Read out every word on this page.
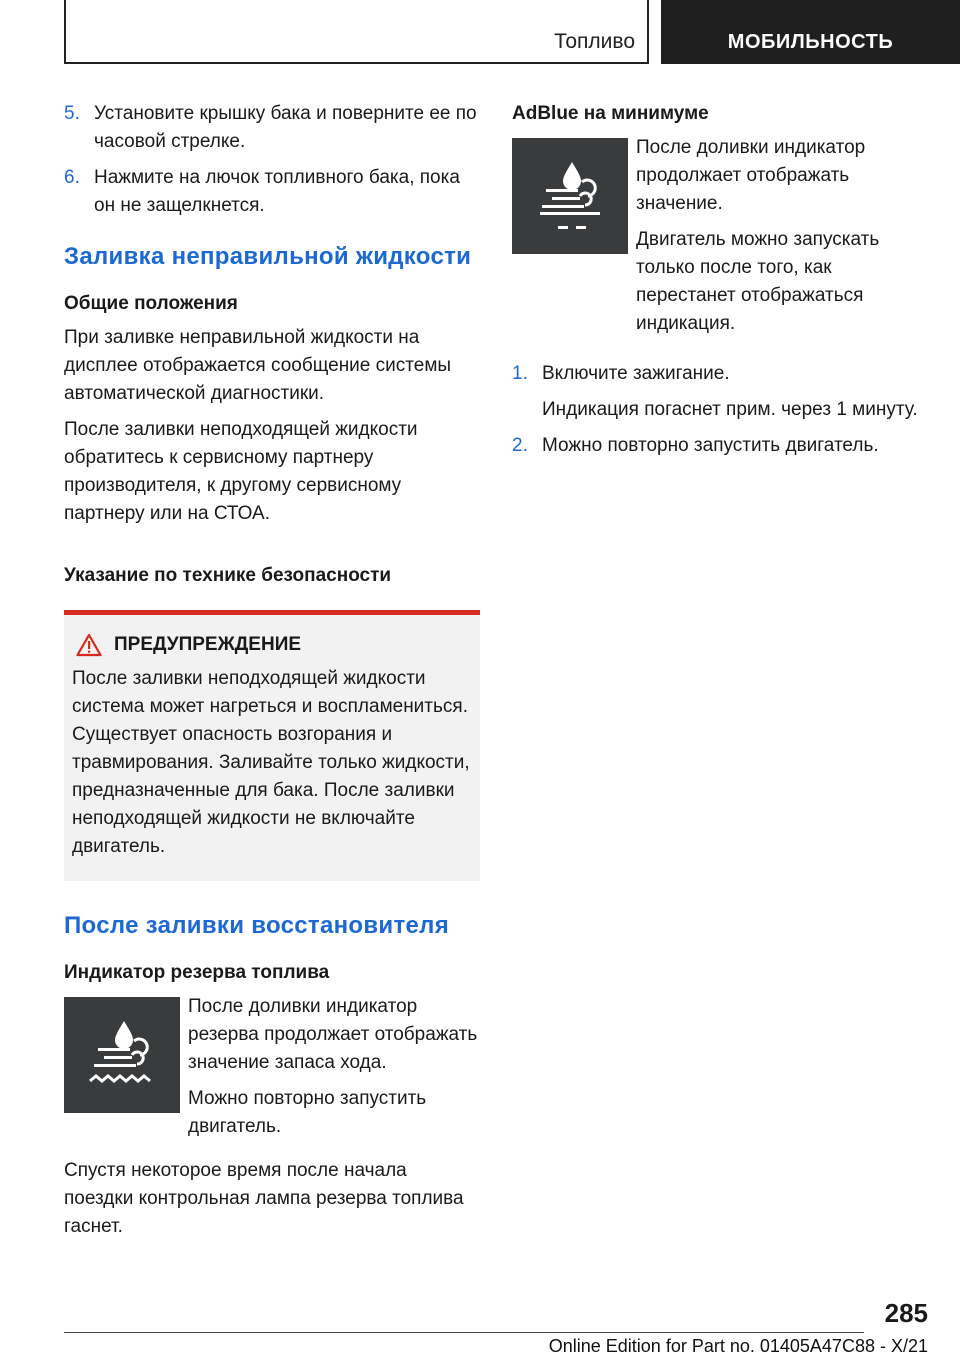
Топливо	МОБИЛЬНОСТЬ
5. Установите крышку бака и поверните ее по часовой стрелке.
6. Нажмите на лючок топливного бака, пока он не защелкнется.
Заливка неправильной жидкости
Общие положения

При заливке неправильной жидкости на дисплее отображается сообщение системы автоматической диагностики.

После заливки неподходящей жидкости обратитесь к сервисному партнеру производителя, к другому сервисному партнеру или на СТОА.

Указание по технике безопасности
ПРЕДУПРЕЖДЕНИЕ

После заливки неподходящей жидкости система может нагреться и воспламениться. Существует опасность возгорания и травмирования. Заливайте только жидкости, предназначенные для бака. После заливки неподходящей жидкости не включайте двигатель.

После заливки восстановителя
Индикатор резерва топлива

После доливки индикатор резерва продолжает отображать значение запаса хода.

Можно повторно запустить двигатель.

Спустя некоторое время после начала поездки контрольная лампа резерва топлива гаснет.

AdBlue на минимуме

После доливки индикатор продолжает отображать значение.

Двигатель можно запускать только после того, как перестанет отображаться индикация.

1. Включите зажигание.
Индикация погаснет прим. через 1 минуту.
2. Можно повторно запустить двигатель.
285
Online Edition for Part no. 01405A47C88 - X/21
